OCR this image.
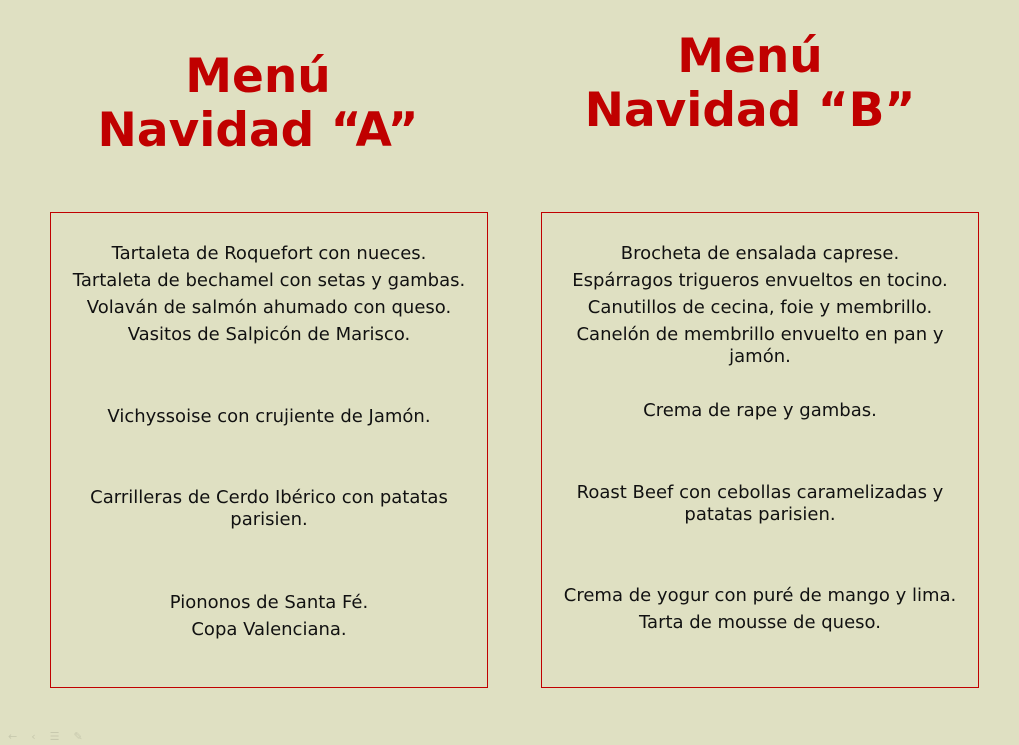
Menú
Navidad “A”
Menú
Navidad “B”
Tartaleta de Roquefort con nueces.
Tartaleta de bechamel con setas y gambas.
Volaván de salmón ahumado con queso.
Vasitos de Salpicón de Marisco.
Vichyssoise con crujiente de Jamón.
Carrilleras de Cerdo Ibérico con patatas
parisien.
Piononos de Santa Fé.
Copa Valenciana.
Brocheta de ensalada caprese.
Espárragos trigueros envueltos en tocino.
Canutillos de cecina, foie y membrillo.
Canelón de membrillo envuelto en pan y
jamón.
Crema de rape y gambas.
Roast Beef con cebollas caramelizadas y
patatas parisien.
Crema de yogur con puré de mango y lima.
Tarta de mousse de queso.
←‹☰✎
